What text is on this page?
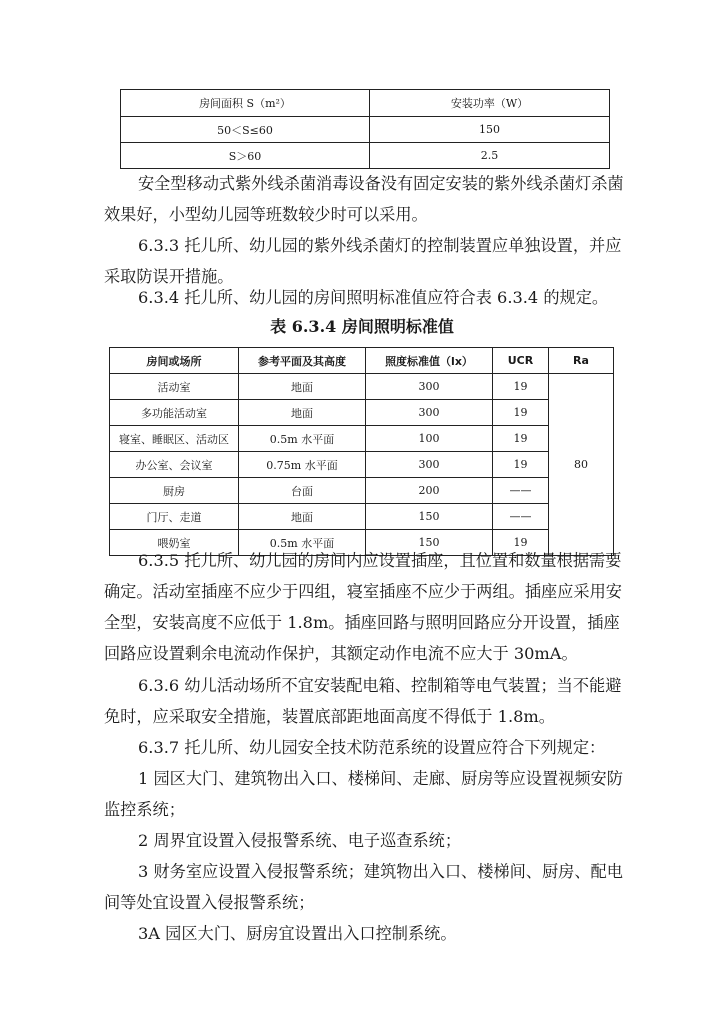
房间面积 S（m²）	安装功率（W）
50＜S≤60	150
S＞60	2.5

安全型移动式紫外线杀菌消毒设备没有固定安装的紫外线杀菌灯杀菌效果好，小型幼儿园等班数较少时可以采用。

6.3.3 托儿所、幼儿园的紫外线杀菌灯的控制装置应单独设置，并应采取防误开措施。

6.3.4 托儿所、幼儿园的房间照明标准值应符合表 6.3.4 的规定。

表 6.3.4 房间照明标准值

房间或场所	参考平面及其高度	照度标准值（lx）	UCR	Ra
活动室	地面	300	19	80
多功能活动室	地面	300	19	
寝室、睡眠区、活动区	0.5m 水平面	100	19	
办公室、会议室	0.75m 水平面	300	19	
厨房	台面	200	——	
门厅、走道	地面	150	——	
喂奶室	0.5m 水平面	150	19	

6.3.5 托儿所、幼儿园的房间内应设置插座，且位置和数量根据需要确定。活动室插座不应少于四组，寝室插座不应少于两组。插座应采用安全型，安装高度不应低于 1.8m。插座回路与照明回路应分开设置，插座回路应设置剩余电流动作保护，其额定动作电流不应大于 30mA。

6.3.6 幼儿活动场所不宜安装配电箱、控制箱等电气装置；当不能避免时，应采取安全措施，装置底部距地面高度不得低于 1.8m。

6.3.7 托儿所、幼儿园安全技术防范系统的设置应符合下列规定：

1 园区大门、建筑物出入口、楼梯间、走廊、厨房等应设置视频安防监控系统；

2 周界宜设置入侵报警系统、电子巡查系统；

3 财务室应设置入侵报警系统；建筑物出入口、楼梯间、厨房、配电间等处宜设置入侵报警系统；

3A 园区大门、厨房宜设置出入口控制系统。
